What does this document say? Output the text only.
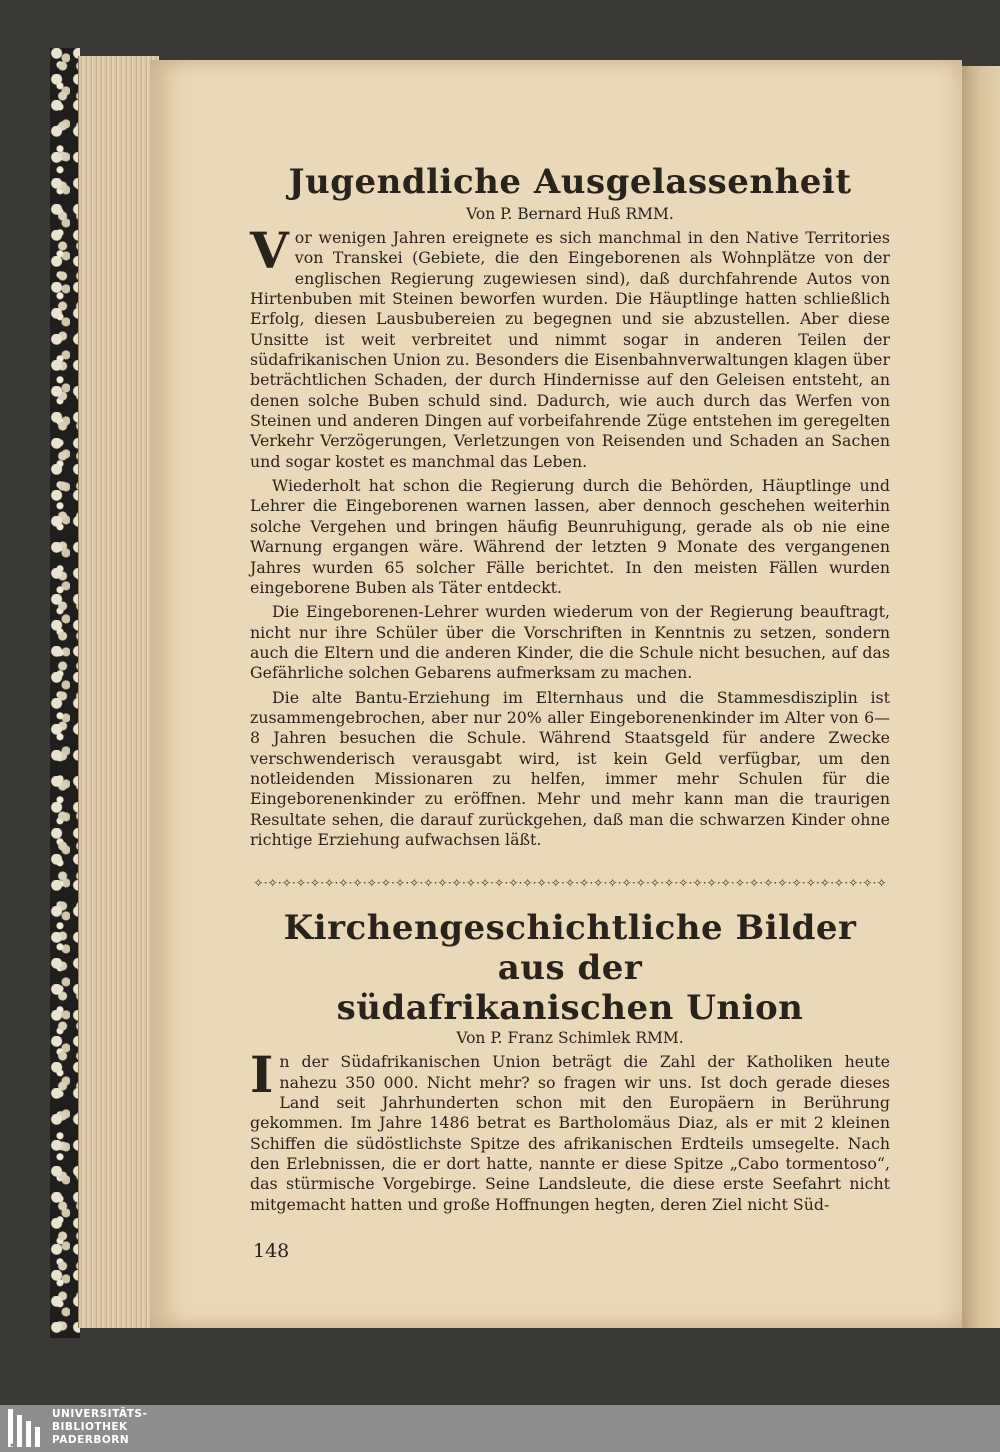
Jugendliche Ausgelassenheit

Von P. Bernard Huß RMM.

Vor wenigen Jahren ereignete es sich manchmal in den Native Territories von Transkei (Gebiete, die den Eingeborenen als Wohnplätze von der englischen Regierung zugewiesen sind), daß durchfahrende Autos von Hirtenbuben mit Steinen beworfen wurden. Die Häuptlinge hatten schließlich Erfolg, diesen Lausbubereien zu begegnen und sie abzustellen. Aber diese Unsitte ist weit verbreitet und nimmt sogar in anderen Teilen der südafrikanischen Union zu. Besonders die Eisenbahnverwaltungen klagen über beträchtlichen Schaden, der durch Hindernisse auf den Geleisen entsteht, an denen solche Buben schuld sind. Dadurch, wie auch durch das Werfen von Steinen und anderen Dingen auf vorbeifahrende Züge entstehen im geregelten Verkehr Verzögerungen, Verletzungen von Reisenden und Schaden an Sachen und sogar kostet es manchmal das Leben.

Wiederholt hat schon die Regierung durch die Behörden, Häuptlinge und Lehrer die Eingeborenen warnen lassen, aber dennoch geschehen weiterhin solche Vergehen und bringen häufig Beunruhigung, gerade als ob nie eine Warnung ergangen wäre. Während der letzten 9 Monate des vergangenen Jahres wurden 65 solcher Fälle berichtet. In den meisten Fällen wurden eingeborene Buben als Täter entdeckt.

Die Eingeborenen-Lehrer wurden wiederum von der Regierung beauftragt, nicht nur ihre Schüler über die Vorschriften in Kenntnis zu setzen, sondern auch die Eltern und die anderen Kinder, die die Schule nicht besuchen, auf das Gefährliche solchen Gebarens aufmerksam zu machen.

Die alte Bantu-Erziehung im Elternhaus und die Stammesdisziplin ist zusammengebrochen, aber nur 20% aller Eingeborenenkinder im Alter von 6—8 Jahren besuchen die Schule. Während Staatsgeld für andere Zwecke verschwenderisch verausgabt wird, ist kein Geld verfügbar, um den notleidenden Missionaren zu helfen, immer mehr Schulen für die Eingeborenenkinder zu eröffnen. Mehr und mehr kann man die traurigen Resultate sehen, die darauf zurückgehen, daß man die schwarzen Kinder ohne richtige Erziehung aufwachsen läßt.

✧⋅✧⋅✧⋅✧⋅✧⋅✧⋅✧⋅✧⋅✧⋅✧⋅✧⋅✧⋅✧⋅✧⋅✧⋅✧⋅✧⋅✧⋅✧⋅✧⋅✧⋅✧⋅✧⋅✧⋅✧⋅✧⋅✧⋅✧⋅✧⋅✧⋅✧⋅✧⋅✧⋅✧⋅✧⋅✧⋅✧⋅✧⋅✧⋅✧⋅✧⋅✧⋅✧⋅✧⋅✧
Kirchengeschichtliche Bilder aus der
südafrikanischen Union

Von P. Franz Schimlek RMM.

In der Südafrikanischen Union beträgt die Zahl der Katholiken heute nahezu 350 000. Nicht mehr? so fragen wir uns. Ist doch gerade dieses Land seit Jahrhunderten schon mit den Europäern in Berührung gekommen. Im Jahre 1486 betrat es Bartholomäus Diaz, als er mit 2 kleinen Schiffen die südöstlichste Spitze des afrikanischen Erdteils umsegelte. Nach den Erlebnissen, die er dort hatte, nannte er diese Spitze „Cabo tormentoso“, das stürmische Vorgebirge. Seine Landsleute, die diese erste Seefahrt nicht mitgemacht hatten und große Hoffnungen hegten, deren Ziel nicht Süd-

148
UNIVERSITÄTS-
BIBLIOTHEK
PADERBORN
